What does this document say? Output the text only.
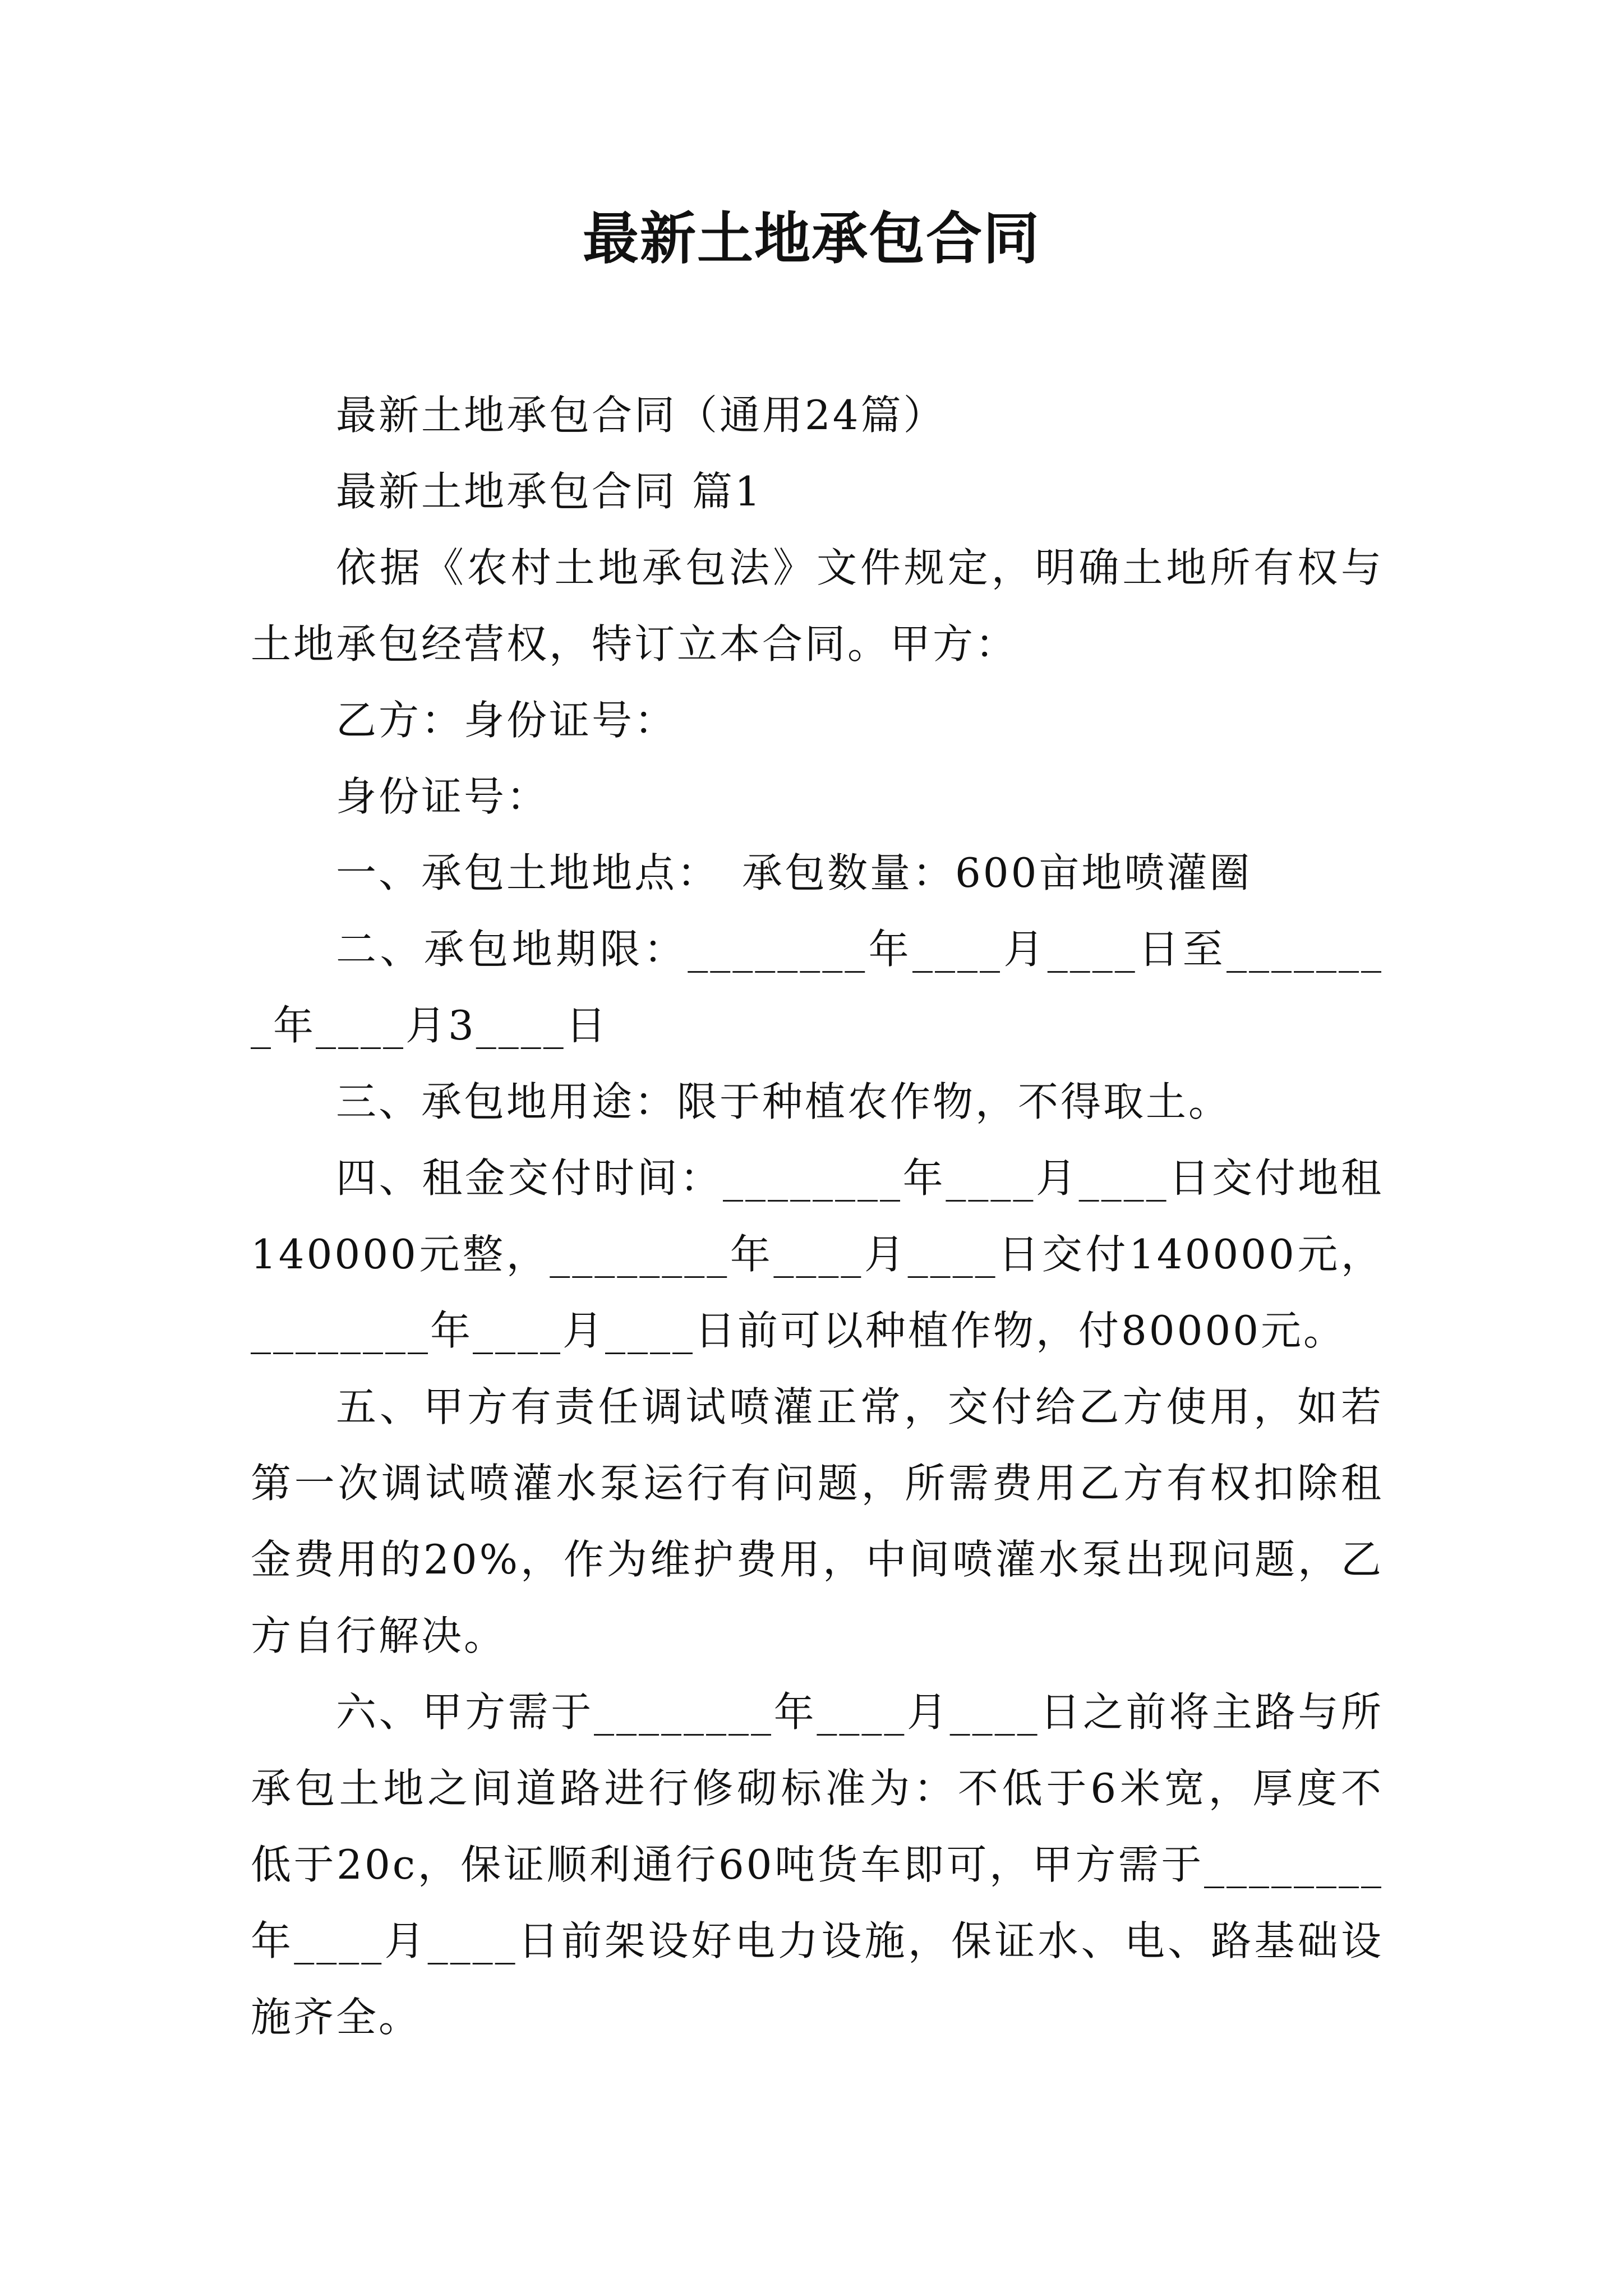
最新土地承包合同

最新土地承包合同（通用24篇）

最新土地承包合同 篇1

依据《农村土地承包法》文件规定，明确土地所有权与土地承包经营权，特订立本合同。甲方：

乙方：身份证号：

身份证号：

一、承包土地地点：　承包数量：600亩地喷灌圈

二、承包地期限：________年____月____日至________年____月3____日

三、承包地用途：限于种植农作物，不得取土。

四、租金交付时间：________年____月____日交付地租140000元整，________年____月____日交付140000元，________年____月____日前可以种植作物，付80000元。

五、甲方有责任调试喷灌正常，交付给乙方使用，如若第一次调试喷灌水泵运行有问题，所需费用乙方有权扣除租金费用的20%，作为维护费用，中间喷灌水泵出现问题，乙方自行解决。

六、甲方需于________年____月____日之前将主路与所承包土地之间道路进行修砌标准为：不低于6米宽，厚度不低于20c，保证顺利通行60吨货车即可，甲方需于________年____月____日前架设好电力设施，保证水、电、路基础设施齐全。
